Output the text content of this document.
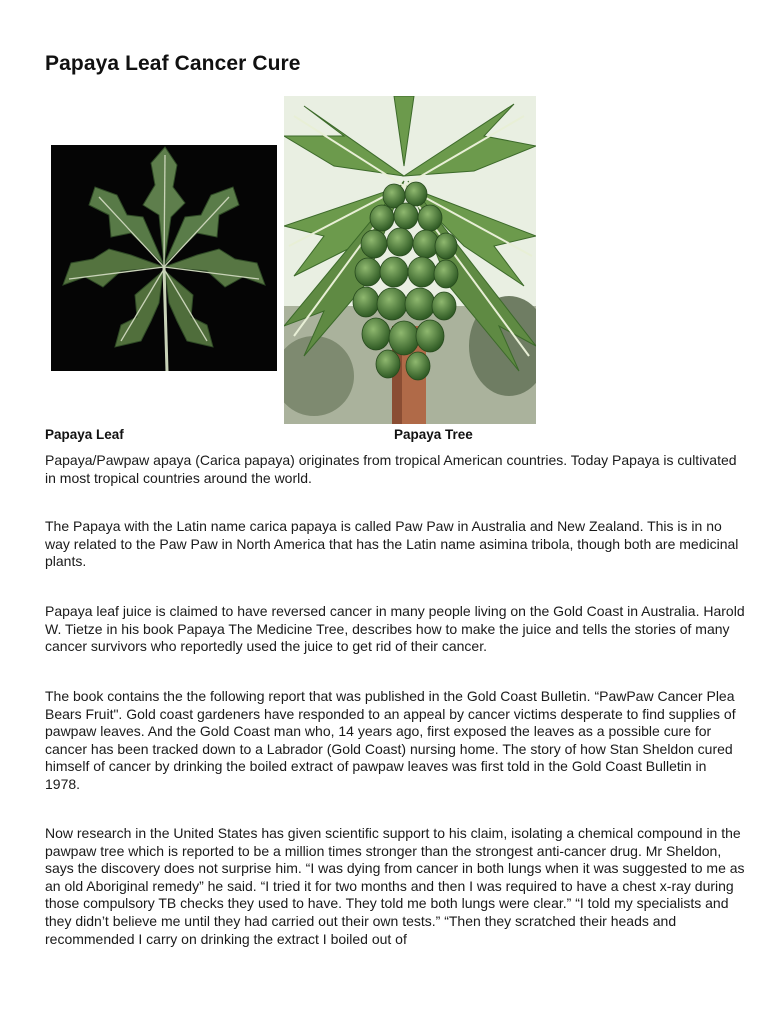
Papaya Leaf Cancer Cure
Papaya Leaf	Papaya Tree

Papaya/Pawpaw apaya (Carica papaya) originates from tropical American countries. Today Papaya is cultivated in most tropical countries around the world.

The Papaya with the Latin name carica papaya is called Paw Paw in Australia and New Zealand. This is in no way related to the Paw Paw in North America that has the Latin name asimina tribola, though both are medicinal plants.

Papaya leaf juice is claimed to have reversed cancer in many people living on the Gold Coast in Australia. Harold W. Tietze in his book Papaya The Medicine Tree, describes how to make the juice and tells the stories of many cancer survivors who reportedly used the juice to get rid of their cancer.

The book contains the the following report that was published in the Gold Coast Bulletin. “PawPaw Cancer Plea Bears Fruit". Gold coast gardeners have responded to an appeal by cancer victims desperate to find supplies of pawpaw leaves. And the Gold Coast man who, 14 years ago, first exposed the leaves as a possible cure for cancer has been tracked down to a Labrador (Gold Coast) nursing home. The story of how Stan Sheldon cured himself of cancer by drinking the boiled extract of pawpaw leaves was first told in the Gold Coast Bulletin in 1978.

Now research in the United States has given scientific support to his claim, isolating a chemical compound in the pawpaw tree which is reported to be a million times stronger than the strongest anti-cancer drug. Mr Sheldon, says the discovery does not surprise him. “I was dying from cancer in both lungs when it was suggested to me as an old Aboriginal remedy” he said. “I tried it for two months and then I was required to have a chest x-ray during those compulsory TB checks they used to have. They told me both lungs were clear.” “I told my specialists and they didn’t believe me until they had carried out their own tests.” “Then they scratched their heads and recommended I carry on drinking the extract I boiled out of
